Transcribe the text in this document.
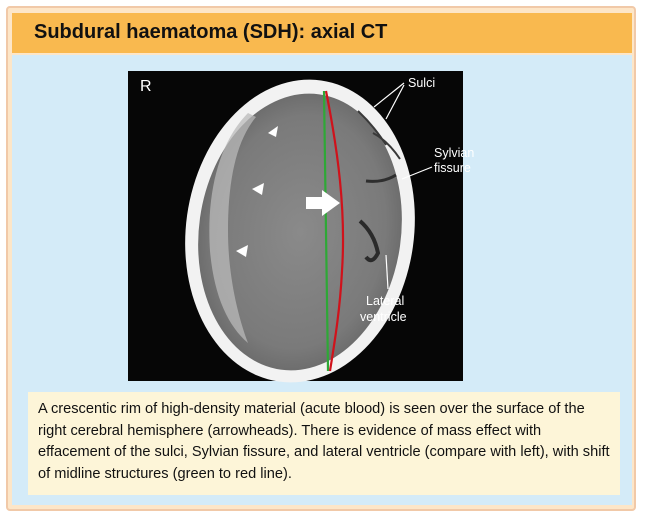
Subdural haematoma (SDH): axial CT
R	Sulci
Sylvian
fissure
Lateral
ventricle

A crescentic rim of high-density material (acute blood) is seen over the surface of the right cerebral hemisphere (arrowheads). There is evidence of mass effect with effacement of the sulci, Sylvian fissure, and lateral ventricle (compare with left), with shift of midline structures (green to red line).
